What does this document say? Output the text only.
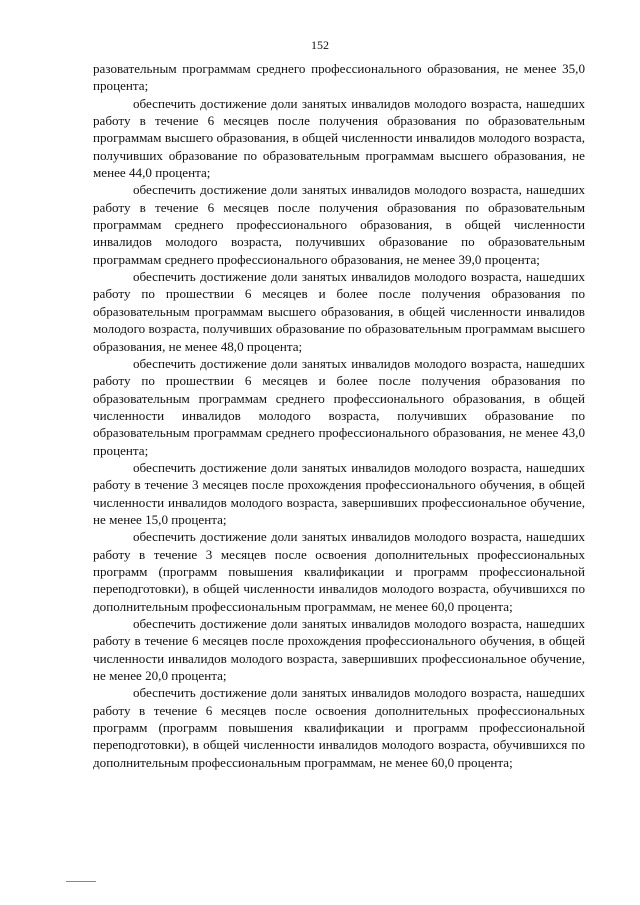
152

разовательным программам среднего профессионального образования, не менее 35,0 процента;

обеспечить достижение доли занятых инвалидов молодого возраста, нашедших работу в течение 6 месяцев после получения образования по образовательным программам высшего образования, в общей численности инвалидов молодого возраста, получивших образование по образовательным программам высшего образования, не менее 44,0 процента;

обеспечить достижение доли занятых инвалидов молодого возраста, нашедших работу в течение 6 месяцев после получения образования по образовательным программам среднего профессионального образования, в общей численности инвалидов молодого возраста, получивших образование по образовательным программам среднего профессионального образования, не менее 39,0 процента;

обеспечить достижение доли занятых инвалидов молодого возраста, нашедших работу по прошествии 6 месяцев и более после получения образования по образовательным программам высшего образования, в общей численности инвалидов молодого возраста, получивших образование по образовательным программам высшего образования, не менее 48,0 процента;

обеспечить достижение доли занятых инвалидов молодого возраста, нашедших работу по прошествии 6 месяцев и более после получения образования по образовательным программам среднего профессионального образования, в общей численности инвалидов молодого возраста, получивших образование по образовательным программам среднего профессионального образования, не менее 43,0 процента;

обеспечить достижение доли занятых инвалидов молодого возраста, нашедших работу в течение 3 месяцев после прохождения профессионального обучения, в общей численности инвалидов молодого возраста, завершивших профессиональное обучение, не менее 15,0 процента;

обеспечить достижение доли занятых инвалидов молодого возраста, нашедших работу в течение 3 месяцев после освоения дополнительных профессиональных программ (программ повышения квалификации и программ профессиональной переподготовки), в общей численности инвалидов молодого возраста, обучившихся по дополнительным профессиональным программам, не менее 60,0 процента;

обеспечить достижение доли занятых инвалидов молодого возраста, нашедших работу в течение 6 месяцев после прохождения профессионального обучения, в общей численности инвалидов молодого возраста, завершивших профессиональное обучение, не менее 20,0 процента;

обеспечить достижение доли занятых инвалидов молодого возраста, нашедших работу в течение 6 месяцев после освоения дополнительных профессиональных программ (программ повышения квалификации и программ профессиональной переподготовки), в общей численности инвалидов молодого возраста, обучившихся по дополнительным профессиональным программам, не менее 60,0 процента;
